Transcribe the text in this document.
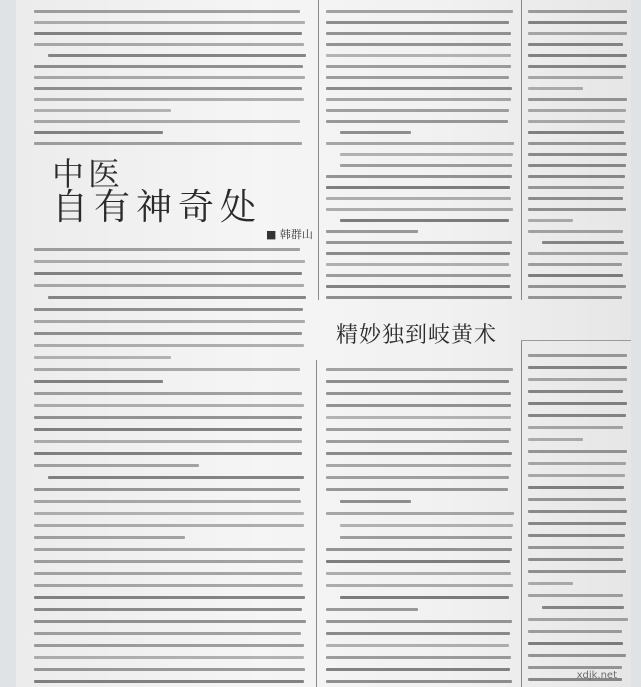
中医
自有神奇处
■ 韩群山
精妙独到岐黄术
xdjk.net
